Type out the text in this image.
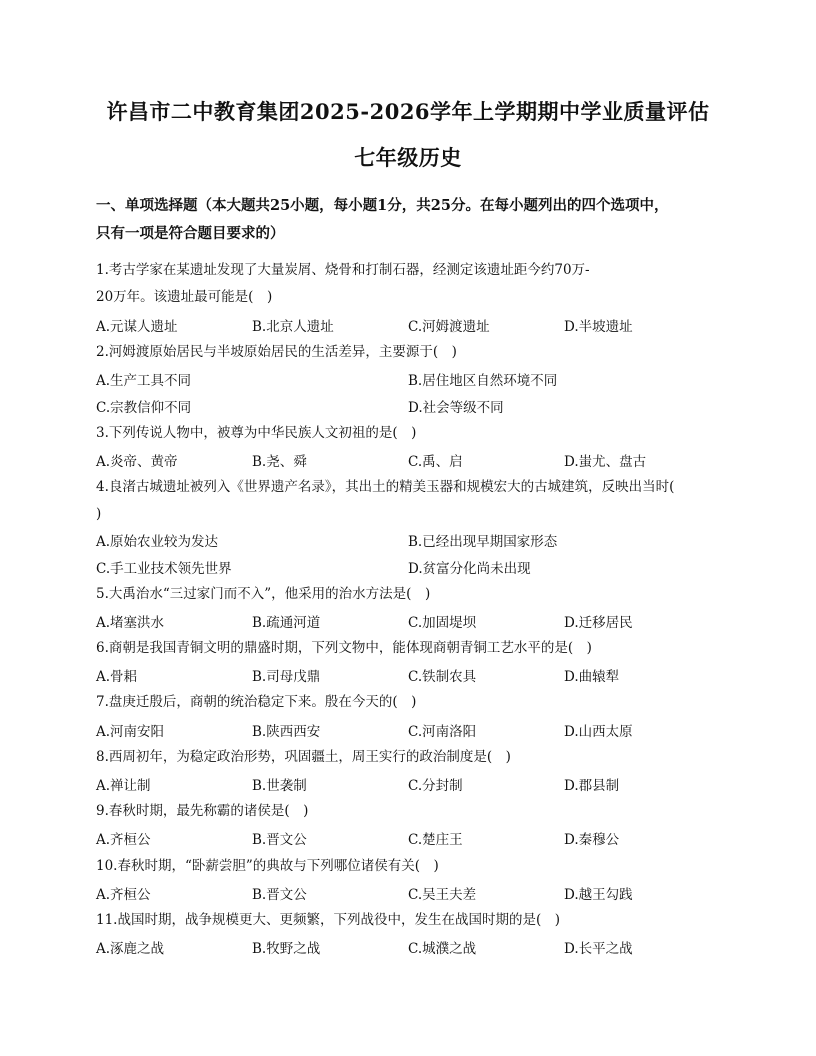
许昌市二中教育集团2025-2026学年上学期期中学业质量评估
七年级历史
一、单项选择题（本大题共25小题，每小题1分，共25分。在每小题列出的四个选项中，
只有一项是符合题目要求的）
1.考古学家在某遗址发现了大量炭屑、烧骨和打制石器，经测定该遗址距今约70万-
20万年。该遗址最可能是(　)
A.元谋人遗址	B.北京人遗址	C.河姆渡遗址	D.半坡遗址
2.河姆渡原始居民与半坡原始居民的生活差异，主要源于(　)
A.生产工具不同	B.居住地区自然环境不同
C.宗教信仰不同	D.社会等级不同
3.下列传说人物中，被尊为中华民族人文初祖的是(　)
A.炎帝、黄帝	B.尧、舜	C.禹、启	D.蚩尤、盘古
4.良渚古城遗址被列入《世界遗产名录》，其出土的精美玉器和规模宏大的古城建筑，反映出当时(
)
A.原始农业较为发达	B.已经出现早期国家形态
C.手工业技术领先世界	D.贫富分化尚未出现
5.大禹治水“三过家门而不入”，他采用的治水方法是(　)
A.堵塞洪水	B.疏通河道	C.加固堤坝	D.迁移居民
6.商朝是我国青铜文明的鼎盛时期，下列文物中，能体现商朝青铜工艺水平的是(　)
A.骨耜	B.司母戊鼎	C.铁制农具	D.曲辕犁
7.盘庚迁殷后，商朝的统治稳定下来。殷在今天的(　)
A.河南安阳	B.陕西西安	C.河南洛阳	D.山西太原
8.西周初年，为稳定政治形势，巩固疆土，周王实行的政治制度是(　)
A.禅让制	B.世袭制	C.分封制	D.郡县制
9.春秋时期，最先称霸的诸侯是(　)
A.齐桓公	B.晋文公	C.楚庄王	D.秦穆公
10.春秋时期，“卧薪尝胆”的典故与下列哪位诸侯有关(　)
A.齐桓公	B.晋文公	C.吴王夫差	D.越王勾践
11.战国时期，战争规模更大、更频繁，下列战役中，发生在战国时期的是(　)
A.涿鹿之战	B.牧野之战	C.城濮之战	D.长平之战
